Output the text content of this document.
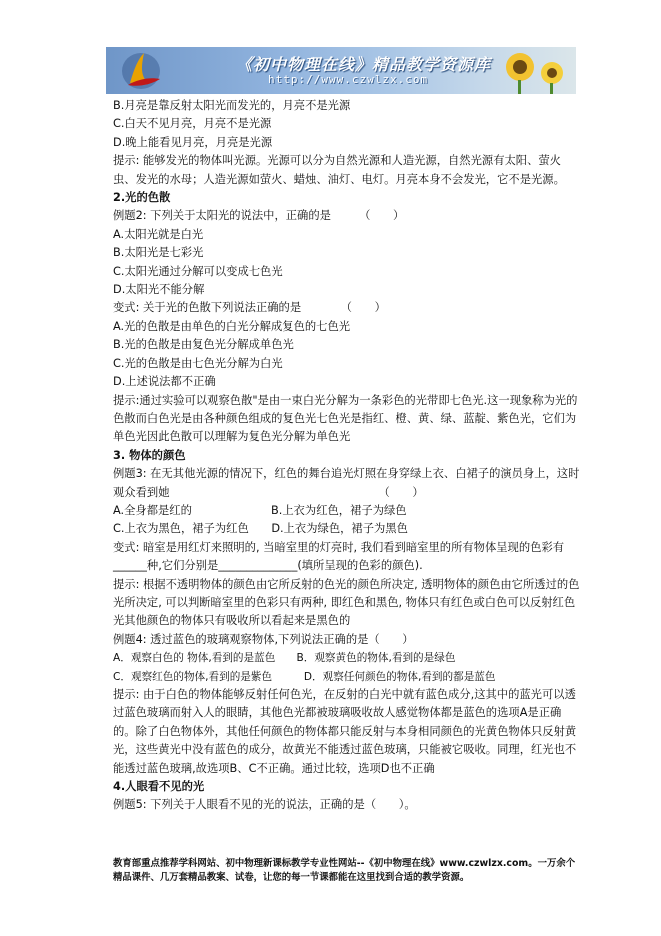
《初中物理在线》精品教学资源库
http://www.czwlzx.com

B.月亮是靠反射太阳光而发光的，月亮不是光源

C.白天不见月亮，月亮不是光源

D.晚上能看见月亮，月亮是光源

提示: 能够发光的物体叫光源。光源可以分为自然光源和人造光源，自然光源有太阳、萤火虫、发光的水母；人造光源如萤火、蜡烛、油灯、电灯。月亮本身不会发光，它不是光源。

2.光的色散

例题2: 下列关于太阳光的说法中，正确的是　　　（　　）

A.太阳光就是白光

B.太阳光是七彩光

C.太阳光通过分解可以变成七色光

D.太阳光不能分解

变式: 关于光的色散下列说法正确的是　　　　（　　）

A.光的色散是由单色的白光分解成复色的七色光

B.光的色散是由复色光分解成单色光

C.光的色散是由七色光分解为白光

D.上述说法都不正确

提示:通过实验可以观察色散"是由一束白光分解为一条彩色的光带即七色光.这一现象称为光的色散而白色光是由各种颜色组成的复色光七色光是指红、橙、黄、绿、蓝靛、紫色光，它们为单色光因此色散可以理解为复色光分解为单色光

3. 物体的颜色

例题3: 在无其他光源的情况下，红色的舞台追光灯照在身穿绿上衣、白裙子的演员身上，这时观众看到她　　　　　　　　　　　　　　　　　　　（　　）

A.全身都是红的　　　　　　　B.上衣为红色，裙子为绿色

C.上衣为黑色，裙子为红色　　D.上衣为绿色，裙子为黑色

变式: 暗室是用红灯来照明的, 当暗室里的灯亮时, 我们看到暗室里的所有物体呈现的色彩有______种,它们分别是______________(填所呈现的色彩的颜色).

提示: 根据不透明物体的颜色由它所反射的色光的颜色所决定, 透明物体的颜色由它所透过的色光所决定, 可以判断暗室里的色彩只有两种, 即红色和黑色, 物体只有红色或白色可以反射红色光其他颜色的物体只有吸收所以看起来是黑色的

例题4: 透过蓝色的玻璃观察物体,下列说法正确的是（　　）

A．观察白色的 物体,看到的是蓝色　　B．观察黄色的物体,看到的是绿色

C．观察红色的物体,看到的是紫色　　　D．观察任何颜色的物体,看到的都是蓝色

提示: 由于白色的物体能够反射任何色光，在反射的白光中就有蓝色成分,这其中的蓝光可以透过蓝色玻璃而射入人的眼睛，其他色光都被玻璃吸收故人感觉物体都是蓝色的选项A是正确的。除了白色物体外，其他任何颜色的物体都只能反射与本身相同颜色的光黄色物体只反射黄光，这些黄光中没有蓝色的成分，故黄光不能透过蓝色玻璃，只能被它吸收。同理，红光也不能透过蓝色玻璃,故选项B、C不正确。通过比较，选项D也不正确

4.人眼看不见的光

例题5: 下列关于人眼看不见的光的说法，正确的是（　　）。

教育部重点推荐学科网站、初中物理新课标教学专业性网站--《初中物理在线》www.czwlzx.com。一万余个精品课件、几万套精品教案、试卷，让您的每一节课都能在这里找到合适的教学资源。
